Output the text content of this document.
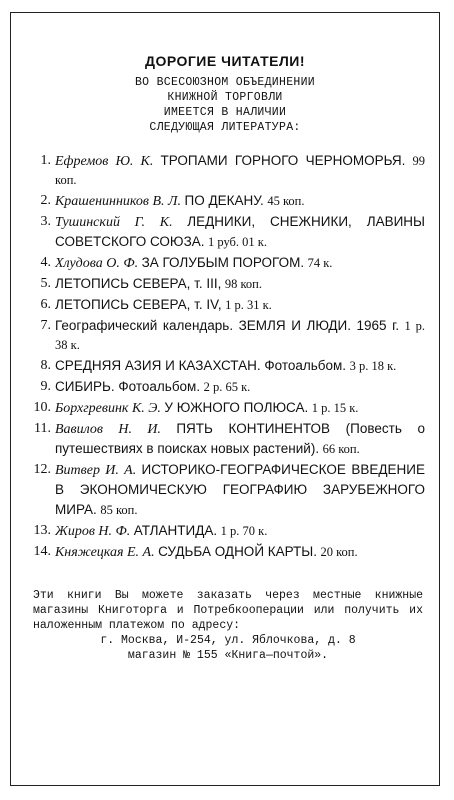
ДОРОГИЕ ЧИТАТЕЛИ!
ВО ВСЕСОЮЗНОМ ОБЪЕДИНЕНИИ
КНИЖНОЙ ТОРГОВЛИ
ИМЕЕТСЯ В НАЛИЧИИ
СЛЕДУЮЩАЯ ЛИТЕРАТУРА:
1. Ефремов Ю. К. ТРОПАМИ ГОРНОГО ЧЕРНОМОРЬЯ. 99 коп.
2. Крашенинников В. Л. ПО ДЕКАНУ. 45 коп.
3. Тушинский Г. К. ЛЕДНИКИ, СНЕЖНИКИ, ЛАВИНЫ СОВЕТСКОГО СОЮЗА. 1 руб. 01 к.
4. Хлудова О. Ф. ЗА ГОЛУБЫМ ПОРОГОМ. 74 к.
5. ЛЕТОПИСЬ СЕВЕРА, т. III, 98 коп.
6. ЛЕТОПИСЬ СЕВЕРА, т. IV, 1 р. 31 к.
7. Географический календарь. ЗЕМЛЯ И ЛЮДИ. 1965 г. 1 р. 38 к.
8. СРЕДНЯЯ АЗИЯ И КАЗАХСТАН. Фотоальбом. 3 р. 18 к.
9. СИБИРЬ. Фотоальбом. 2 р. 65 к.
10. Борхгревинк К. Э. У ЮЖНОГО ПОЛЮСА. 1 р. 15 к.
11. Вавилов Н. И. ПЯТЬ КОНТИНЕНТОВ (Повесть о путешествиях в поисках новых растений). 66 коп.
12. Витвер И. А. ИСТОРИКО-ГЕОГРАФИЧЕСКОЕ ВВЕДЕНИЕ В ЭКОНОМИЧЕСКУЮ ГЕОГРАФИЮ ЗАРУБЕЖНОГО МИРА. 85 коп.
13. Жиров Н. Ф. АТЛАНТИДА. 1 р. 70 к.
14. Княжецкая Е. А. СУДЬБА ОДНОЙ КАРТЫ. 20 коп.
Эти книги Вы можете заказать через местные книжные магазины Книготорга и Потребкооперации или получить их наложенным платежом по адресу:
г. Москва, И-254, ул. Яблочкова, д. 8
магазин № 155 «Книга—почтой».
